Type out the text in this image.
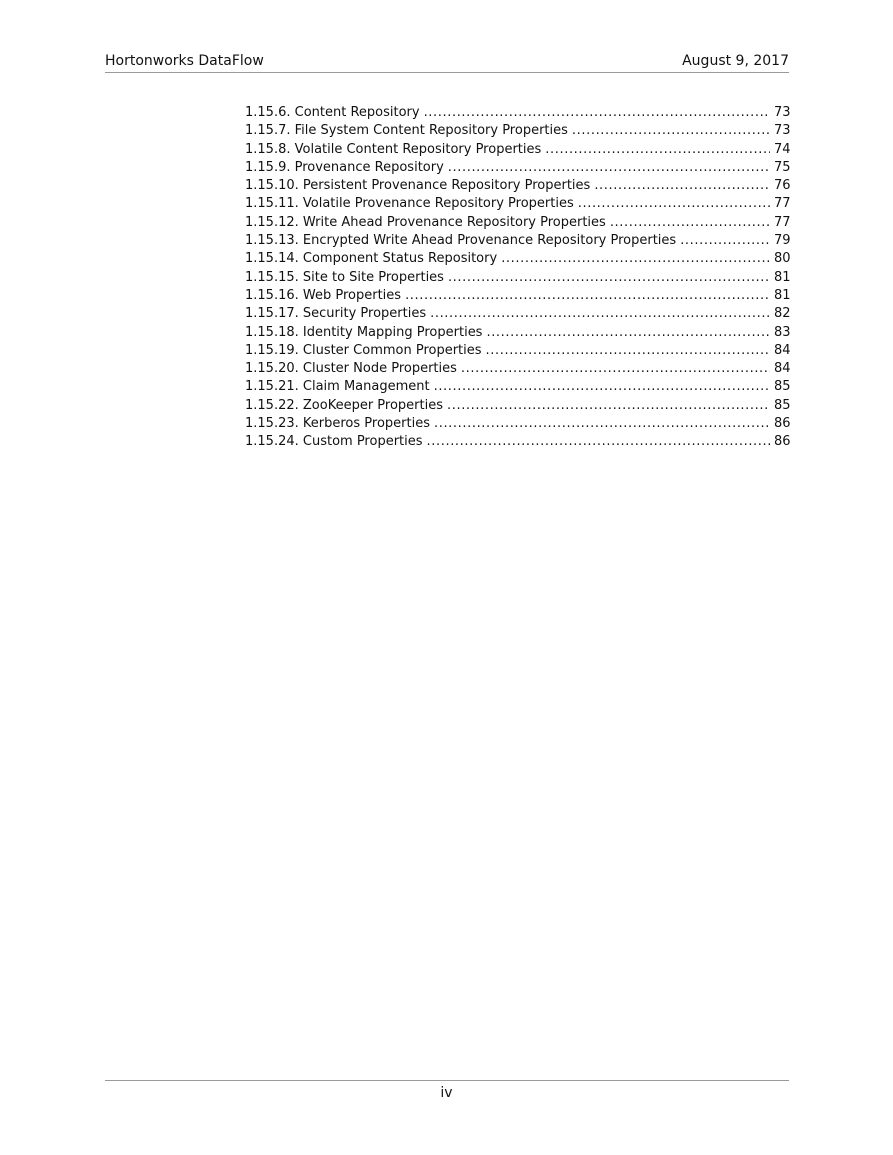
Hortonworks DataFlow	August 9, 2017
1.15.6. Content Repository .....	73
1.15.7. File System Content Repository Properties .....	73
1.15.8. Volatile Content Repository Properties .....	74
1.15.9. Provenance Repository .....	75
1.15.10. Persistent Provenance Repository Properties .....	76
1.15.11. Volatile Provenance Repository Properties .....	77
1.15.12. Write Ahead Provenance Repository Properties .....	77
1.15.13. Encrypted Write Ahead Provenance Repository Properties .....	79
1.15.14. Component Status Repository .....	80
1.15.15. Site to Site Properties .....	81
1.15.16. Web Properties .....	81
1.15.17. Security Properties .....	82
1.15.18. Identity Mapping Properties .....	83
1.15.19. Cluster Common Properties .....	84
1.15.20. Cluster Node Properties .....	84
1.15.21. Claim Management .....	85
1.15.22. ZooKeeper Properties .....	85
1.15.23. Kerberos Properties .....	86
1.15.24. Custom Properties .....	86
iv
